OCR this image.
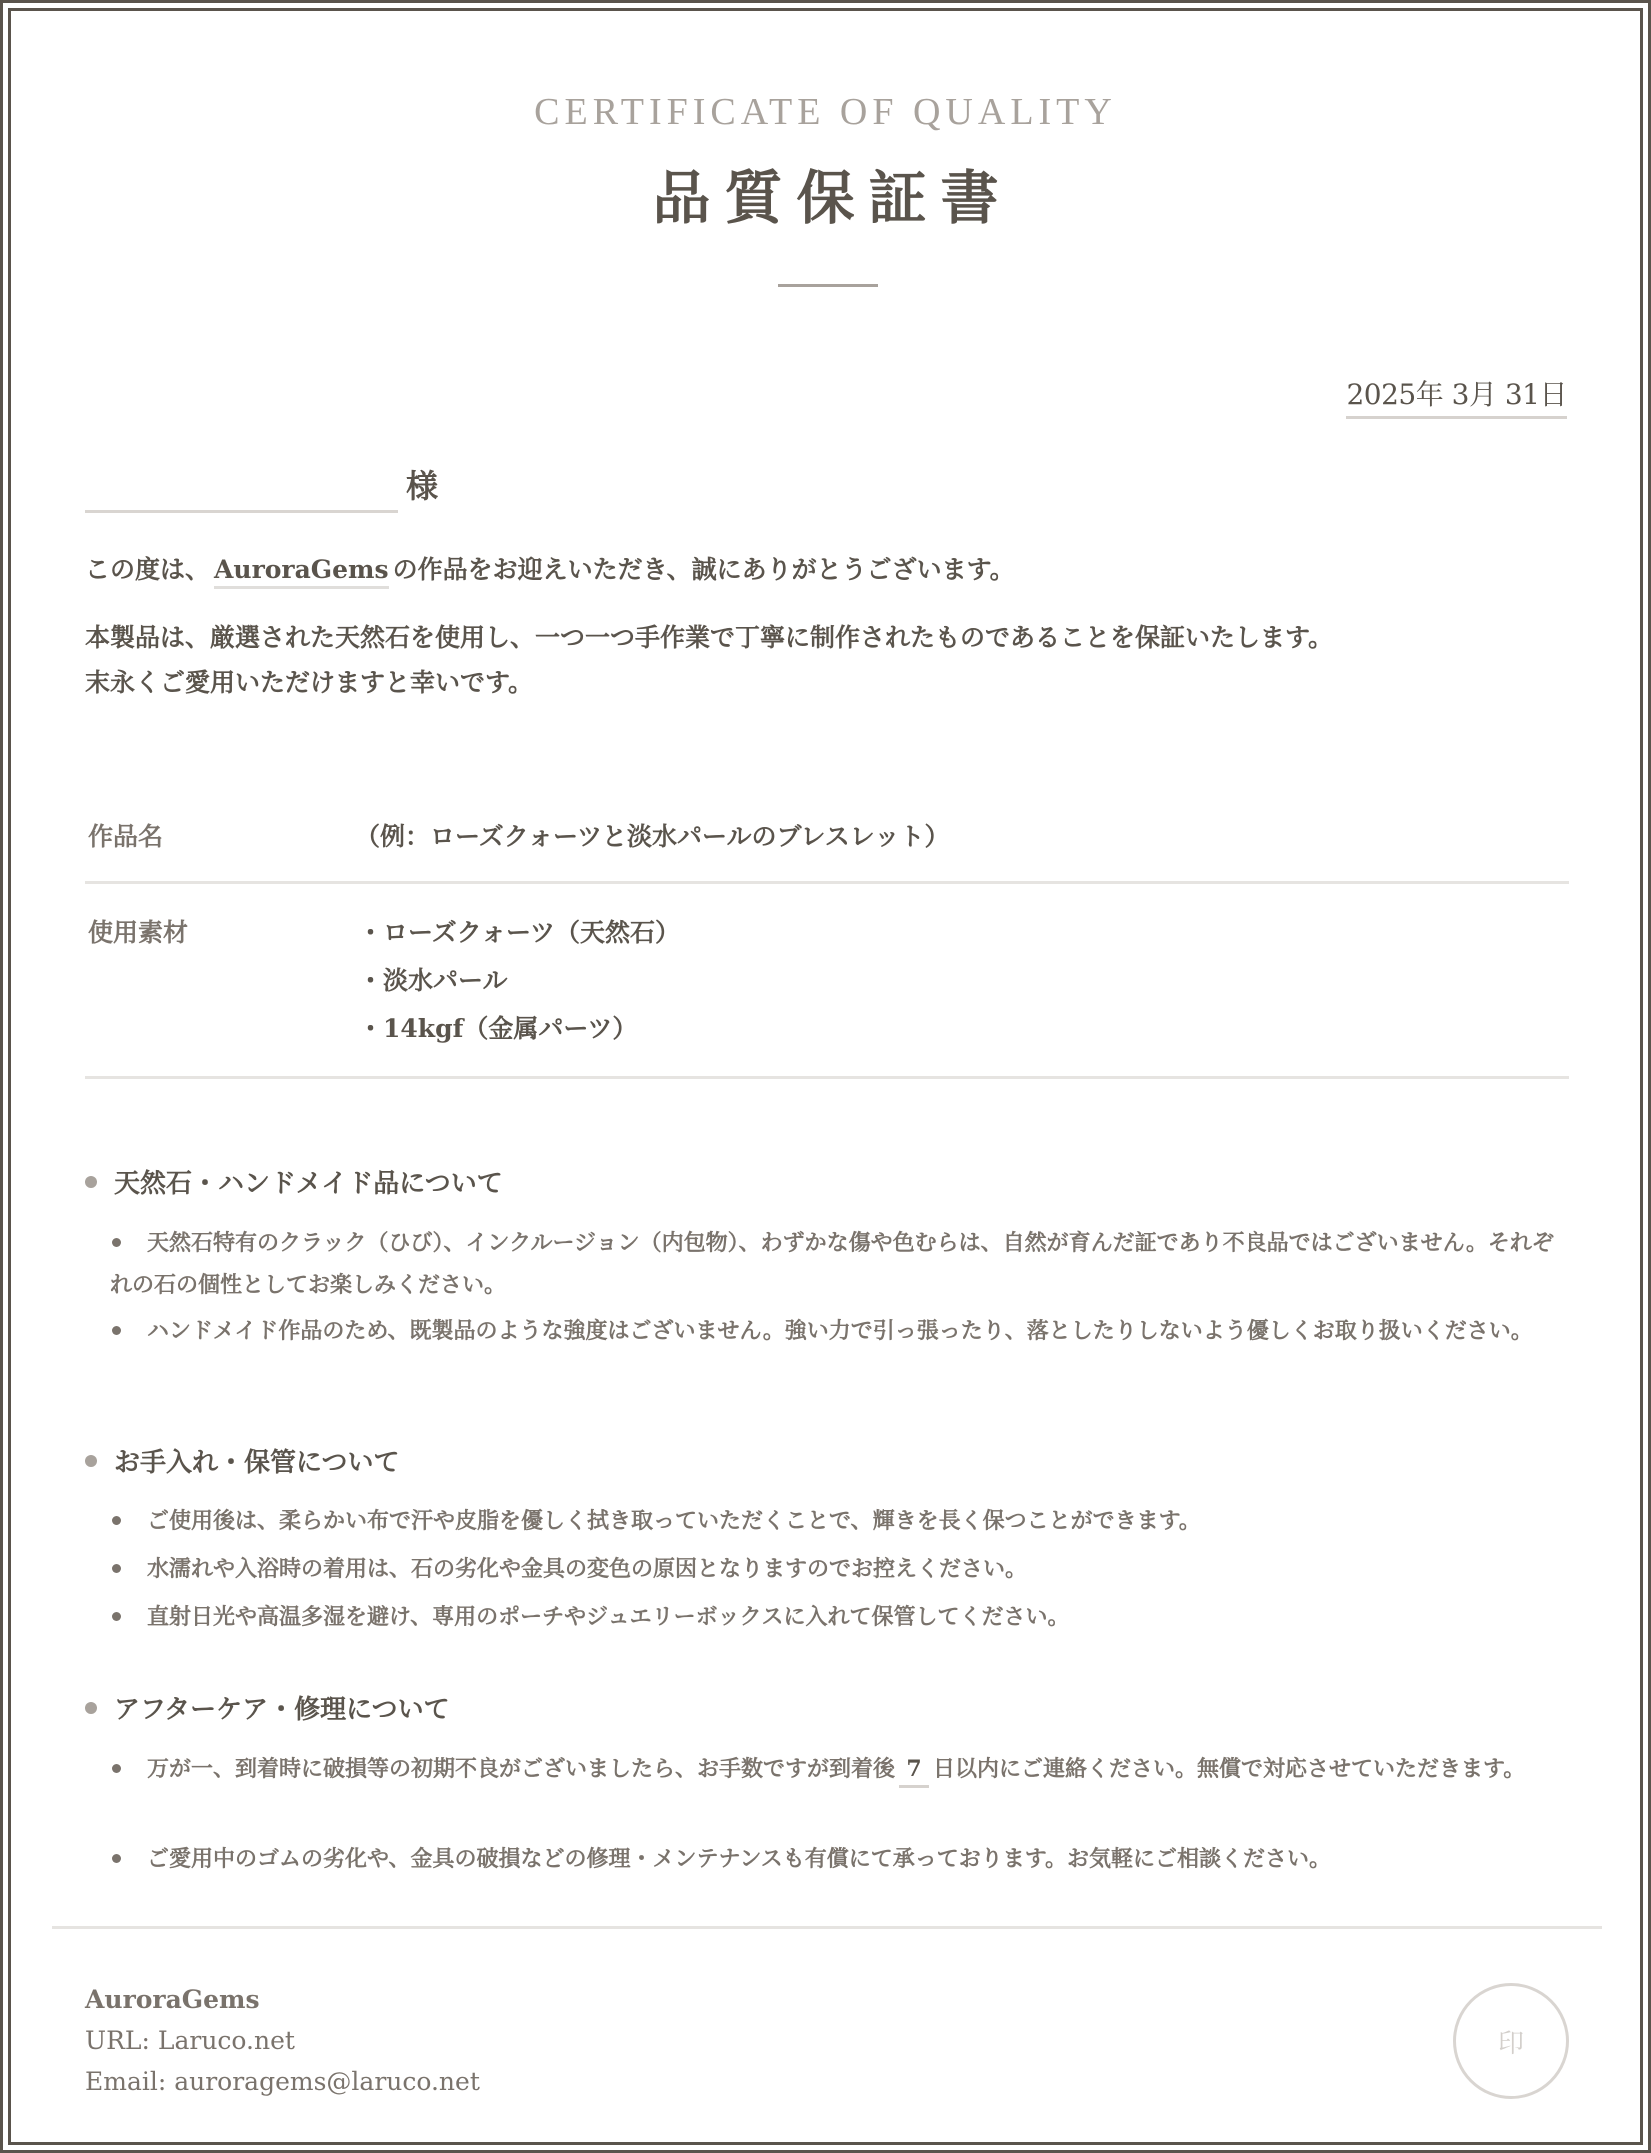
CERTIFICATE OF QUALITY
品質保証書
2025年 3月 31日
様
この度は、 AuroraGems の作品をお迎えいただき、誠にありがとうございます。
本製品は、厳選された天然石を使用し、一つ一つ手作業で丁寧に制作されたものであることを保証いたします。
末永くご愛用いただけますと幸いです。
作品名	（例：ローズクォーツと淡水パールのブレスレット）
使用素材	・ローズクォーツ（天然石）
・淡水パール
・14kgf（金属パーツ）
天然石・ハンドメイド品について
天然石特有のクラック（ひび）、インクルージョン（内包物）、わずかな傷や色むらは、自然が育んだ証であり不良品ではございません。それぞれの石の個性としてお楽しみください。
ハンドメイド作品のため、既製品のような強度はございません。強い力で引っ張ったり、落としたりしないよう優しくお取り扱いください。
お手入れ・保管について
ご使用後は、柔らかい布で汗や皮脂を優しく拭き取っていただくことで、輝きを長く保つことができます。
水濡れや入浴時の着用は、石の劣化や金具の変色の原因となりますのでお控えください。
直射日光や高温多湿を避け、専用のポーチやジュエリーボックスに入れて保管してください。
アフターケア・修理について
万が一、到着時に破損等の初期不良がございましたら、お手数ですが到着後 7 日以内にご連絡ください。無償で対応させていただきます。
ご愛用中のゴムの劣化や、金具の破損などの修理・メンテナンスも有償にて承っております。お気軽にご相談ください。
AuroraGems
URL: Laruco.net
Email: auroragems@laruco.net
印
